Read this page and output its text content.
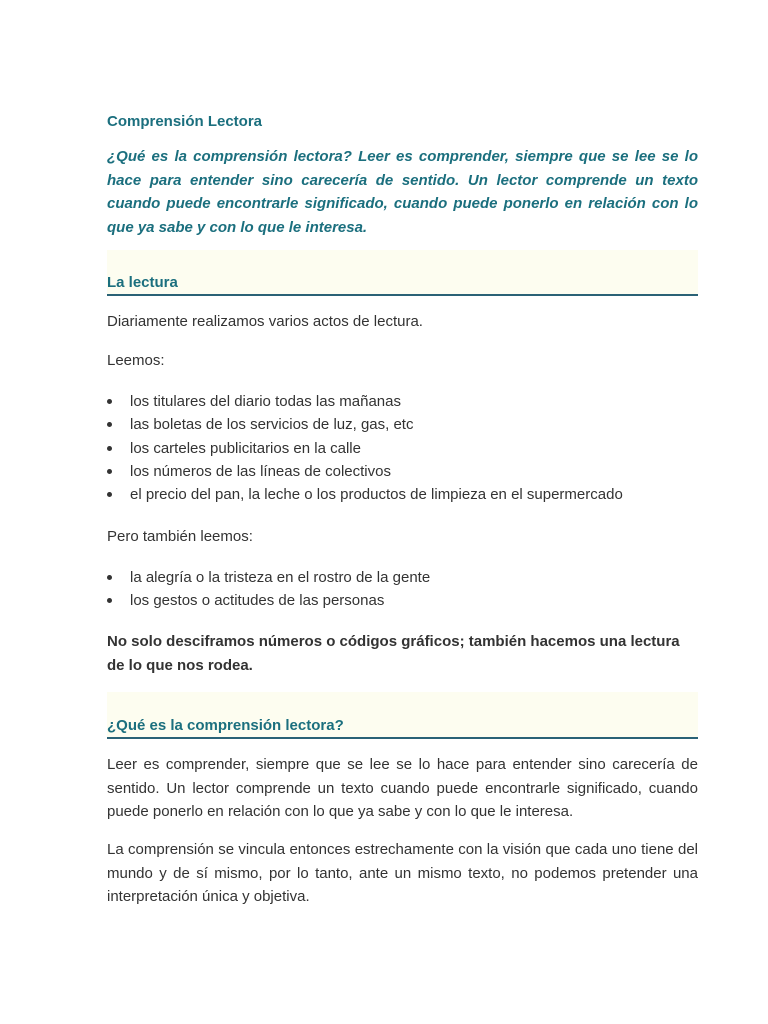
Comprensión Lectora

¿Qué es la comprensión lectora? Leer es comprender, siempre que se lee se lo hace para entender sino carecería de sentido. Un lector comprende un texto cuando puede encontrarle significado, cuando puede ponerlo en relación con lo que ya sabe y con lo que le interesa.

La lectura

Diariamente realizamos varios actos de lectura.

Leemos:

los titulares del diario todas las mañanas
las boletas de los servicios de luz, gas, etc
los carteles publicitarios en la calle
los números de las líneas de colectivos
el precio del pan, la leche o los productos de limpieza en el supermercado

Pero también leemos:

la alegría o la tristeza en el rostro de la gente
los gestos o actitudes de las personas

No solo desciframos números o códigos gráficos; también hacemos una lectura de lo que nos rodea.

¿Qué es la comprensión lectora?

Leer es comprender, siempre que se lee se lo hace para entender sino carecería de sentido. Un lector comprende un texto cuando puede encontrarle significado, cuando puede ponerlo en relación con lo que ya sabe y con lo que le interesa.

La comprensión se vincula entonces estrechamente con la visión que cada uno tiene del mundo y de sí mismo, por lo tanto, ante un mismo texto, no podemos pretender una interpretación única y objetiva.
